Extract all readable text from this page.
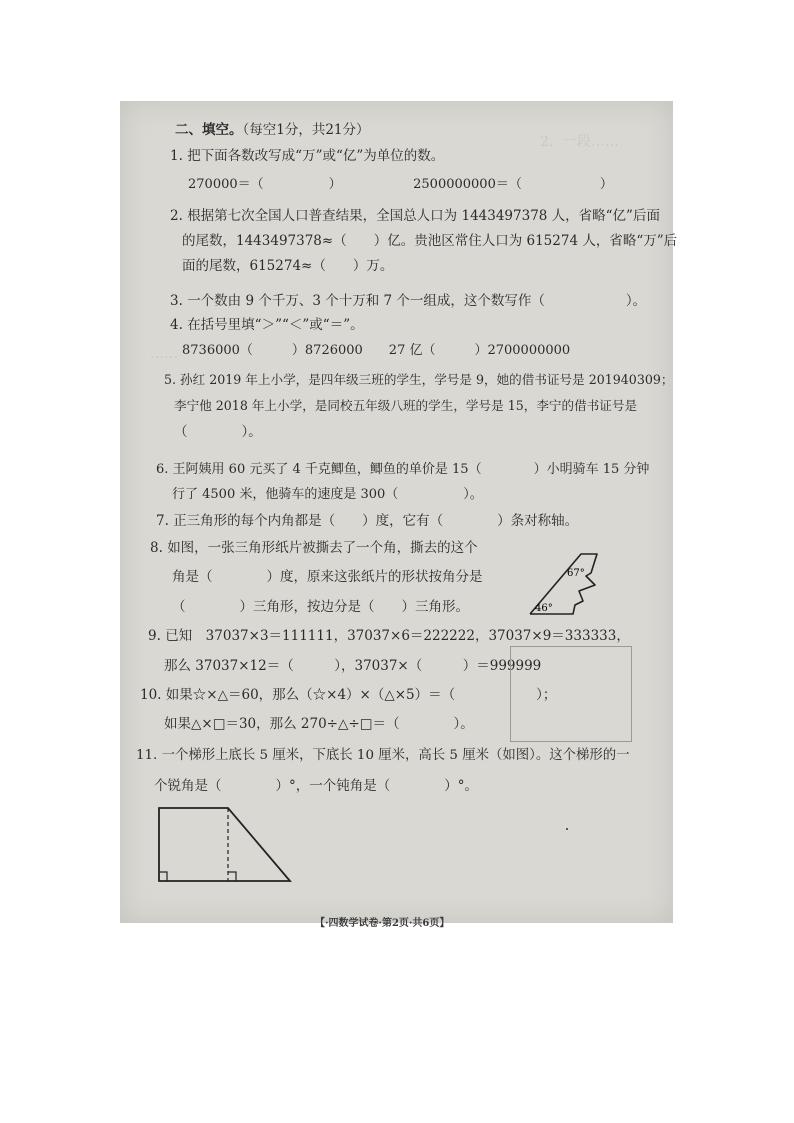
2．一段……
……
二、填空。（每空1分，共21分）
1. 把下面各数改写成“万”或“亿”为单位的数。
270000＝（　　　　　）　　　　　　2500000000＝（　　　　　　）
2. 根据第七次全国人口普查结果，全国总人口为 1443497378 人，省略“亿”后面
的尾数，1443497378≈（　　）亿。贵池区常住人口为 615274 人，省略“万”后
面的尾数，615274≈（　　）万。
3. 一个数由 9 个千万、3 个十万和 7 个一组成，这个数写作（　　　　　　）。
4. 在括号里填“＞”“＜”或“＝”。
8736000（　　　）8726000　　27 亿（　　　）2700000000
5. 孙红 2019 年上小学，是四年级三班的学生，学号是 9，她的借书证号是 201940309；
李宁他 2018 年上小学，是同校五年级八班的学生，学号是 15，李宁的借书证号是
（　　　　）。
6. 王阿姨用 60 元买了 4 千克鲫鱼，鲫鱼的单价是 15（　　　　）小明骑车 15 分钟
行了 4500 米，他骑车的速度是 300（　　　　　）。
7. 正三角形的每个内角都是（　　）度，它有（　　　　）条对称轴。
8. 如图，一张三角形纸片被撕去了一个角，撕去的这个
角是（　　　　）度，原来这张纸片的形状按角分是
（　　　　）三角形，按边分是（　　）三角形。
67°
46°
9. 已知　37037×3＝111111，37037×6＝222222，37037×9＝333333，
那么 37037×12＝（　　　），37037×（　　　）＝999999
10. 如果☆×△＝60，那么（☆×4）×（△×5）＝（　　　　　　）；
如果△×□＝30，那么 270÷△÷□＝（　　　　）。
11. 一个梯形上底长 5 厘米，下底长 10 厘米，高长 5 厘米（如图）。这个梯形的一
个锐角是（　　　　）°，一个钝角是（　　　　）°。
【·四数学试卷·第2页·共6页】
